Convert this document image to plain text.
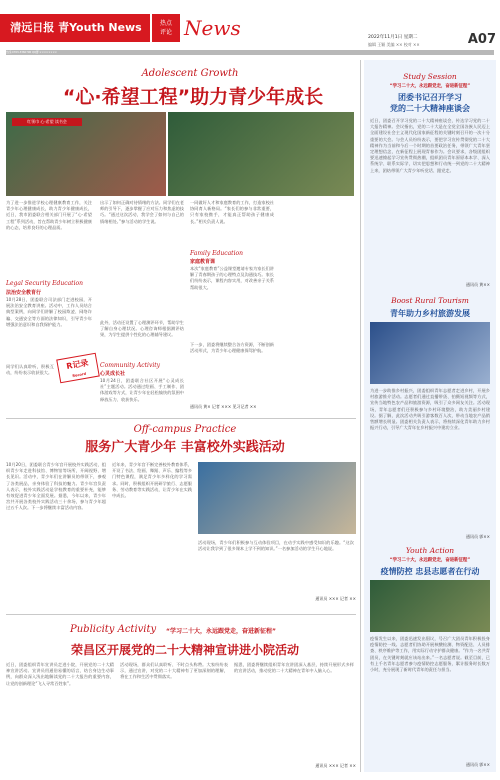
清远日报 青Youth News	热点
评论 News	2022年11月1日 星期二
编辑 王颖 美编 ×× 校对 ××	A07
热线:0763-3360796 QQ群:××××××××
Adolescent Growth
“心·希望工程”助力青少年成长
红领巾 心·希望 读书会
为了进一步推进学校心理健康教育工作，关注青少年心理健康成长，助力青少年健康成长，近日，我市团委联合相关部门开展了“心·希望工程”系列活动，旨在帮助青少年树立积极健康的心态，培养良好的心理品质。
Legal Security Education
法治安全教育行
10月28日，团委联合司法部门走进校园，开展法治安全教育讲座。活动中，工作人员结合典型案例，向同学们讲解了校园欺凌、网络诈骗、交通安全等方面的法律知识，引导青少年增强法治意识和自我保护能力。
同学们认真聆听，积极互动，纷纷表示收获很大。
R记录
Record
出示了如何正确对待情绪的方法。同学们在老师的引导下，逐步掌握了应对压力和焦虑的技巧。“通过这次活动，我学会了如何与自己的情绪相处。”参与活动的学生说。
此外，活动还设置了心理测评环节，帮助学生了解自身心理状况。心理咨询师根据测评结果，为学生提供个性化的心理辅导建议。
Community Activity
心灵成长社
10月24日，团委联合社区开展“心灵成长社”主题活动。活动通过绘画、手工制作、团体游戏等方式，让青少年在轻松愉快的氛围中释放压力、收获快乐。
一同做好人才和家庭教育的工作，打造家校社协同育人新格局。“家长们的参与非常重要，只有家校携手，才能真正帮助孩子健康成长。”相关负责人说。
Family Education
家庭教育课
本次“家庭教育”公益课堂邀请专家为家长们讲解了青春期孩子的心理特点及沟通技巧。家长们纷纷表示，课程内容实用，对改善亲子关系帮助很大。
下一步，团委将继续整合各方资源，不断创新活动形式，为青少年心理健康保驾护航。
通讯员 黄× 记者 ××× 见习记者 ××
Off-campus Practice
服务广大青少年 丰富校外实践活动
10月20日，团委联合青少年宫开展校外实践活动，组织青少年走进科技馆、博物馆等场所，开阔视野、增长见识。活动中，青少年们在讲解员的带领下，参观了各类展品，亲身体验了科技的魅力。青少年宫负责人表示，校外实践活动是学校教育的重要补充，能够有效促进青少年全面发展。据悉，今年以来，青少年宫共开展各类校外实践活动三十余场，参与青少年超过五千人次。下一步将继续丰富活动内容。
近年来，青少年宫不断完善校外教育体系，开设了书法、绘画、舞蹈、声乐、编程等多门特色课程，满足青少年多样化的学习需求。同时，积极组织开展研学旅行、志愿服务、劳动教育等实践活动，让青少年在实践中成长。
活动现场，青少年们积极参与互动体验项目，在动手实践中感受知识的乐趣。“这次活动让我学到了很多课本上学不到的知识。”一名参加活动的学生开心地说。
通讯员 ××× 记者 ××
Publicity Activity	“学习二十大，永远跟党走，奋进新征程”
荣昌区开展党的二十大精神宣讲进小院活动
近日，团委组织青年宣讲员走进小院，开展党的二十大精神宣讲活动。宣讲员用通俗易懂的语言，结合身边生动事例，向群众深入浅出地解读党的二十大报告的重要内容，让党的创新理论“飞入寻常百姓家”。
活动现场，群众们认真聆听、不时点头称赞。大家纷纷表示，通过宣讲，对党的二十大精神有了更加深刻的理解，将在工作和生活中贯彻落实。
据悉，团委将继续组织青年宣讲团深入基层，持续开展形式多样的宣讲活动，推动党的二十大精神在青年中入脑入心。
通讯员 ××× 记者 ××
Study Session
“学习二十大，永远跟党走，奋进新征程”
团委书记召开学习
党的二十大精神座谈会
近日，团委召开学习党的二十大精神座谈会，传达学习党的二十大报告精神。会议指出，党的二十大是在全党全国各族人民迈上全面建设社会主义现代化国家新征程的关键时刻召开的一次十分重要的大会。与会人员纷纷表示，要把学习宣传贯彻党的二十大精神作为当前和今后一个时期的首要政治任务，带领广大青年坚定理想信念，在新征程上展现青春作为。会议要求，各级团组织要迅速掀起学习宣传贯彻热潮，组织团员青年原原本本学、深入系统学、联系实际学，切实把思想和行动统一到党的二十大精神上来，团结带领广大青少年听党话、跟党走。
通讯员 黄××
Boost Rural Tourism
青年助力乡村旅游发展
为进一步助推乡村振兴，团委组织青年志愿者走进乡村，开展乡村旅游推介活动。志愿者们通过直播带货、拍摄短视频等方式，宣传当地特色农产品和旅游资源，吸引了众多网友关注。活动现场，青年志愿者们还积极参与乡村环境整治，助力美丽乡村建设。据了解，此次活动共吸引游客数百人次，带动当地农产品销售额增长明显。团委相关负责人表示，将持续深化青年助力乡村振兴行动，引导广大青年在乡村振兴中建功立业。
通讯员 郭××
Youth Action
“学习二十大，永远跟党走，奋进新征程”
疫情防控 忠县志愿者在行动
疫情发生以来，团委迅速发出倡议，号召广大团员青年积极投身疫情防控一线。志愿者们协助开展核酸检测、物资配送、人员排查、秩序维护等工作，用实际行动守护群众健康。“作为一名共青团员，在关键时刻就应该站出来。”一名志愿者说。截至目前，已有上千名青年志愿者参与疫情防控志愿服务，累计服务时长数万小时，充分展现了新时代青年的责任与担当。
通讯员 郭××
